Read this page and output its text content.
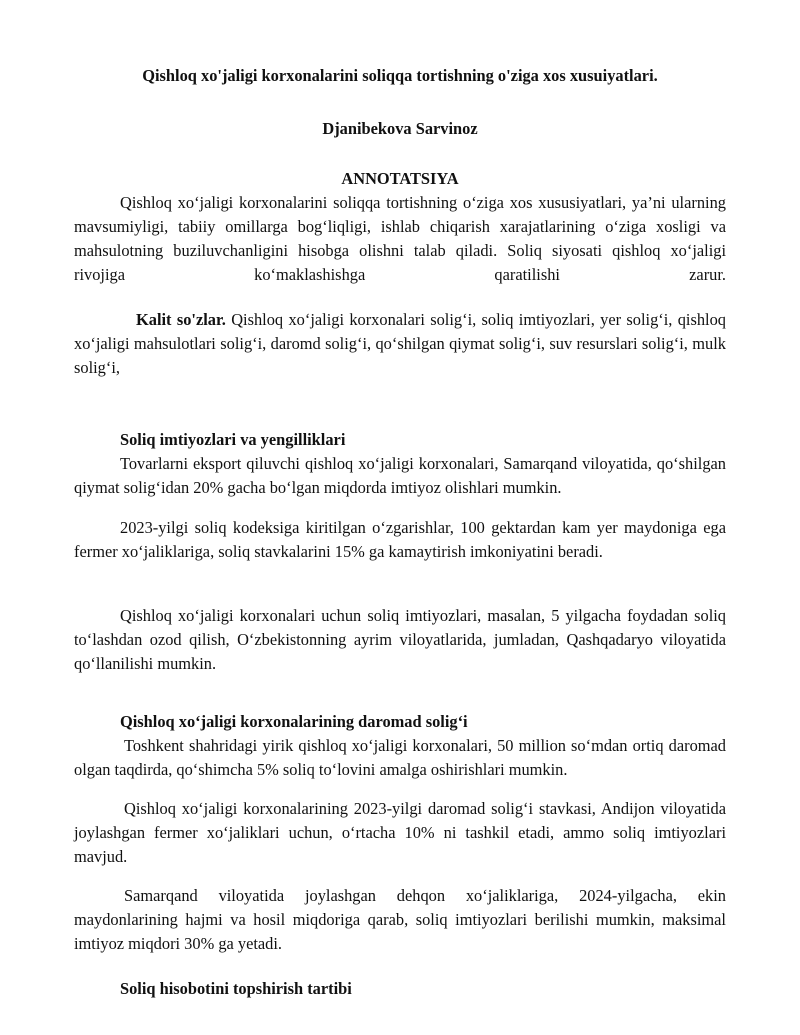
Qishloq xo'jaligi korxonalarini soliqqa tortishning o'ziga xos xusuiyatlari.
Djanibekova Sarvinoz
ANNOTATSIYA

Qishloq xo‘jaligi korxonalarini soliqqa tortishning o‘ziga xos xususiyatlari, ya’ni ularning mavsumiyligi, tabiiy omillarga bog‘liqligi, ishlab chiqarish xarajatlarining o‘ziga xosligi va mahsulotning buziluvchanligini hisobga olishni talab qiladi. Soliq siyosati qishloq xo‘jaligi rivojiga ko‘maklashishga qaratilishi zarur.

Kalit so'zlar. Qishloq xo‘jaligi korxonalari solig‘i, soliq imtiyozlari, yer solig‘i, qishloq xo‘jaligi mahsulotlari solig‘i, daromd solig‘i, qo‘shilgan qiymat solig‘i, suv resurslari solig‘i, mulk solig‘i,

Soliq imtiyozlari va yengilliklari

Tovarlarni eksport qiluvchi qishloq xo‘jaligi korxonalari, Samarqand viloyatida, qo‘shilgan qiymat solig‘idan 20% gacha bo‘lgan miqdorda imtiyoz olishlari mumkin.

2023-yilgi soliq kodeksiga kiritilgan o‘zgarishlar, 100 gektardan kam yer maydoniga ega fermer xo‘jaliklariga, soliq stavkalarini 15% ga kamaytirish imkoniyatini beradi.

Qishloq xo‘jaligi korxonalari uchun soliq imtiyozlari, masalan, 5 yilgacha foydadan soliq to‘lashdan ozod qilish, O‘zbekistonning ayrim viloyatlarida, jumladan, Qashqadaryo viloyatida qo‘llanilishi mumkin.

Qishloq xo‘jaligi korxonalarining daromad solig‘i

Toshkent shahridagi yirik qishloq xo‘jaligi korxonalari, 50 million so‘mdan ortiq daromad olgan taqdirda, qo‘shimcha 5% soliq to‘lovini amalga oshirishlari mumkin.

Qishloq xo‘jaligi korxonalarining 2023-yilgi daromad solig‘i stavkasi, Andijon viloyatida joylashgan fermer xo‘jaliklari uchun, o‘rtacha 10% ni tashkil etadi, ammo soliq imtiyozlari mavjud.

Samarqand viloyatida joylashgan dehqon xo‘jaliklariga, 2024-yilgacha, ekin maydonlarining hajmi va hosil miqdoriga qarab, soliq imtiyozlari berilishi mumkin, maksimal imtiyoz miqdori 30% ga yetadi.

Soliq hisobotini topshirish tartibi
